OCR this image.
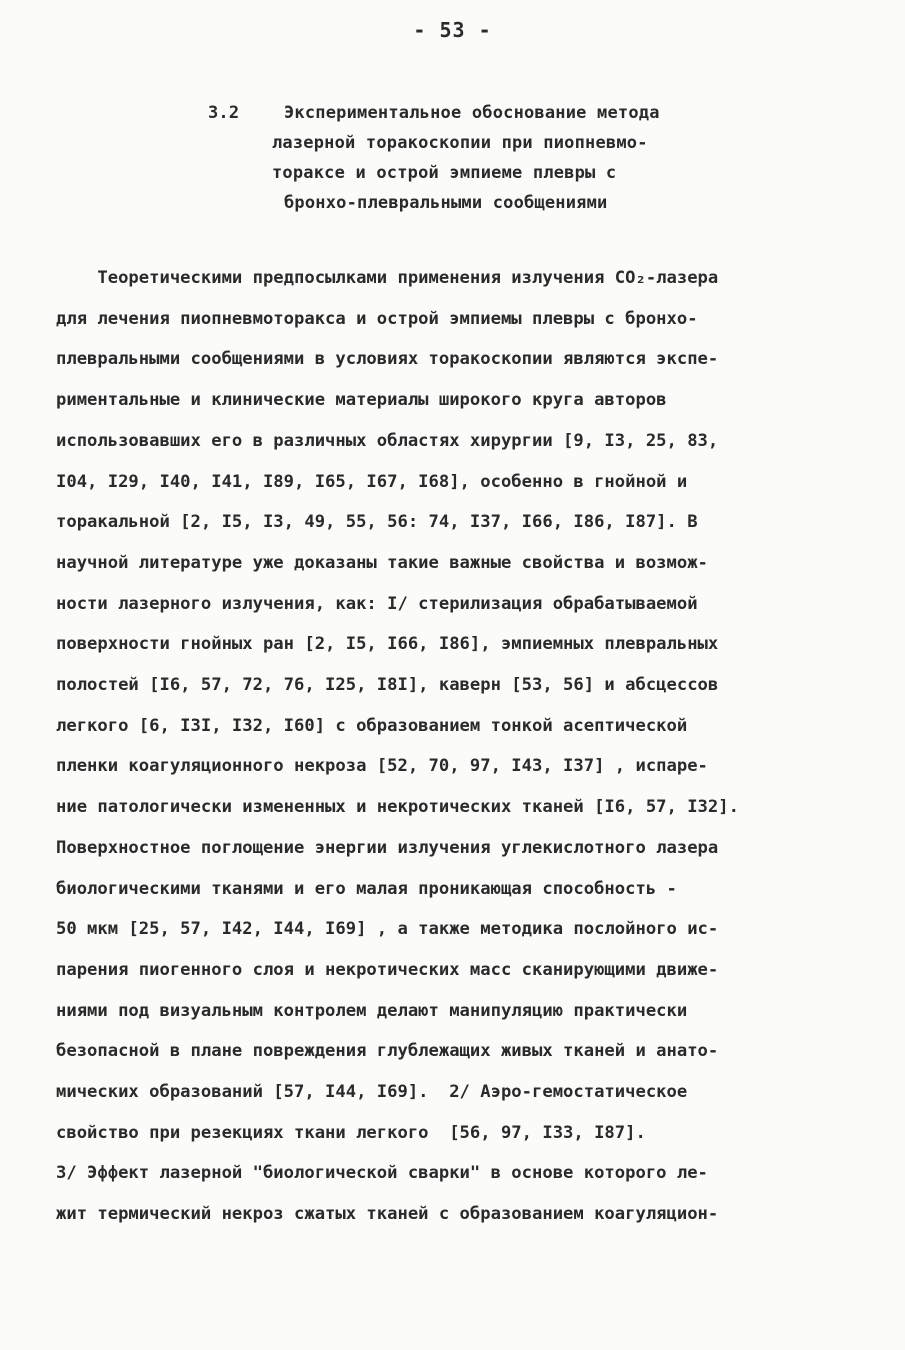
- 53 -
3.2	Экспериментальное обоснование метода
лазерной торакоскопии при пиопневмо-
тораксе и острой эмпиеме плевры с
бронхо-плевральными сообщениями
Теоретическими предпосылками применения излучения CO₂-лазера
для лечения пиопневмоторакса и острой эмпиемы плевры с бронхо-
плевральными сообщениями в условиях торакоскопии являются экспе-
риментальные и клинические материалы широкого круга авторов
использовавших его в различных областях хирургии [9, I3, 25, 83,
I04, I29, I40, I41, I89, I65, I67, I68], особенно в гнойной и
торакальной [2, I5, I3, 49, 55, 56: 74, I37, I66, I86, I87]. В
научной литературе уже доказаны такие важные свойства и возмож-
ности лазерного излучения, как: I/ стерилизация обрабатываемой
поверхности гнойных ран [2, I5, I66, I86], эмпиемных плевральных
полостей [I6, 57, 72, 76, I25, I8I], каверн [53, 56] и абсцессов
легкого [6, I3I, I32, I60] с образованием тонкой асептической
пленки коагуляционного некроза [52, 70, 97, I43, I37] , испаре-
ние патологически измененных и некротических тканей [I6, 57, I32].
Поверхностное поглощение энергии излучения углекислотного лазера
биологическими тканями и его малая проникающая способность -
50 мкм [25, 57, I42, I44, I69] , а также методика послойного ис-
парения пиогенного слоя и некротических масс сканирующими движе-
ниями под визуальным контролем делают манипуляцию практически
безопасной в плане повреждения глублежащих живых тканей и анато-
мических образований [57, I44, I69].  2/ Аэро-гемостатическое
свойство при резекциях ткани легкого  [56, 97, I33, I87].
3/ Эффект лазерной "биологической сварки" в основе которого ле-
жит термический некроз сжатых тканей с образованием коагуляцион-
